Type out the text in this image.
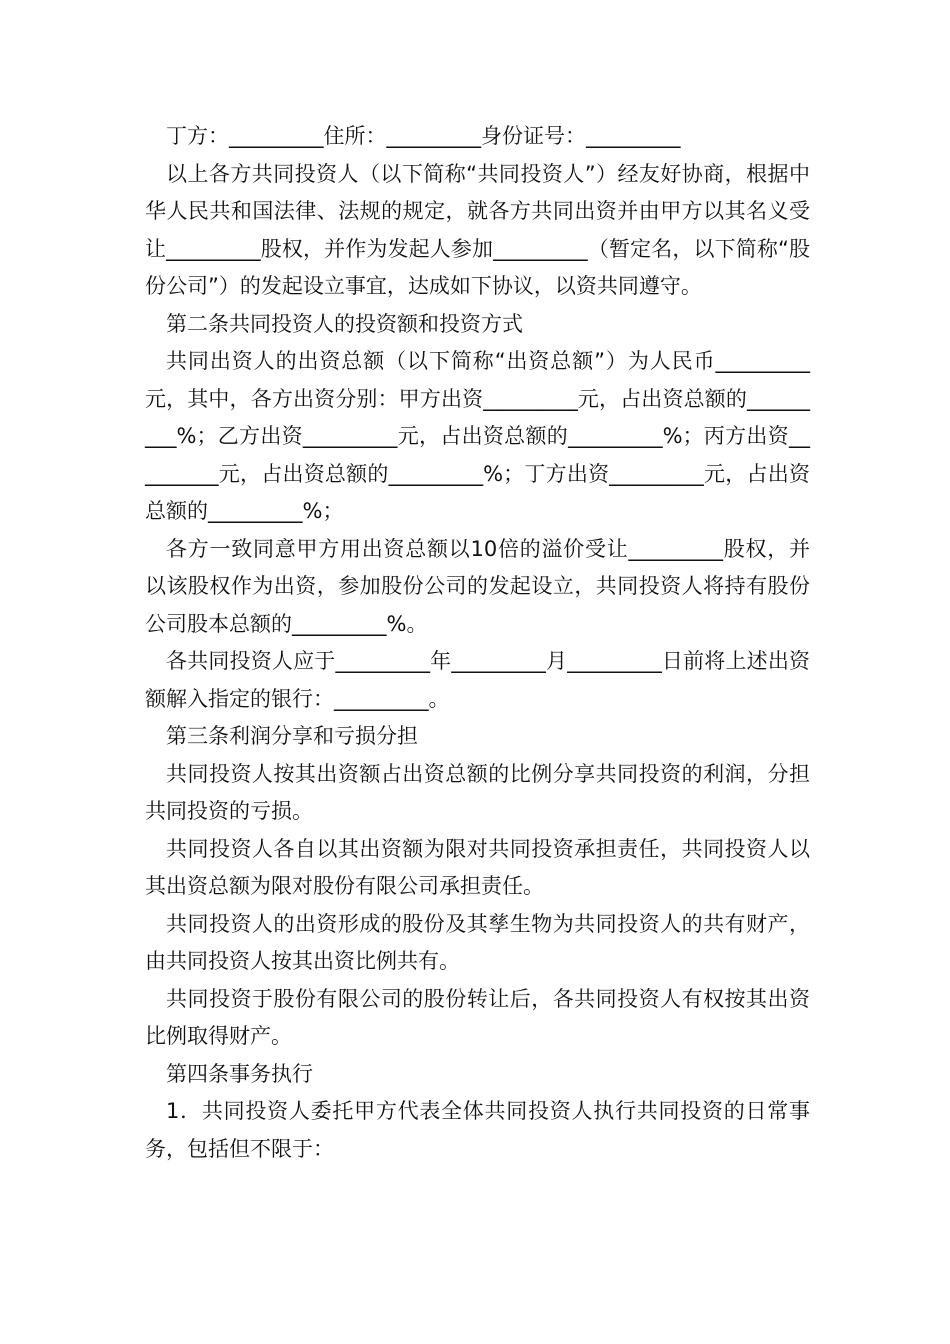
丁方：_________住所：_________身份证号：_________

以上各方共同投资人（以下简称“共同投资人”）经友好协商，根据中华人民共和国法律、法规的规定，就各方共同出资并由甲方以其名义受让_________股权，并作为发起人参加_________（暂定名，以下简称“股份公司”）的发起设立事宜，达成如下协议，以资共同遵守。

第二条共同投资人的投资额和投资方式

共同出资人的出资总额（以下简称“出资总额”）为人民币_________元，其中，各方出资分别：甲方出资_________元，占出资总额的_________%；乙方出资_________元，占出资总额的_________%；丙方出资_________元，占出资总额的_________%；丁方出资_________元，占出资总额的_________%；

各方一致同意甲方用出资总额以10倍的溢价受让_________股权，并以该股权作为出资，参加股份公司的发起设立，共同投资人将持有股份公司股本总额的_________%。

各共同投资人应于_________年_________月_________日前将上述出资额解入指定的银行：_________。

第三条利润分享和亏损分担

共同投资人按其出资额占出资总额的比例分享共同投资的利润，分担共同投资的亏损。

共同投资人各自以其出资额为限对共同投资承担责任，共同投资人以其出资总额为限对股份有限公司承担责任。

共同投资人的出资形成的股份及其孳生物为共同投资人的共有财产，由共同投资人按其出资比例共有。

共同投资于股份有限公司的股份转让后，各共同投资人有权按其出资比例取得财产。

第四条事务执行

1．共同投资人委托甲方代表全体共同投资人执行共同投资的日常事务，包括但不限于：
